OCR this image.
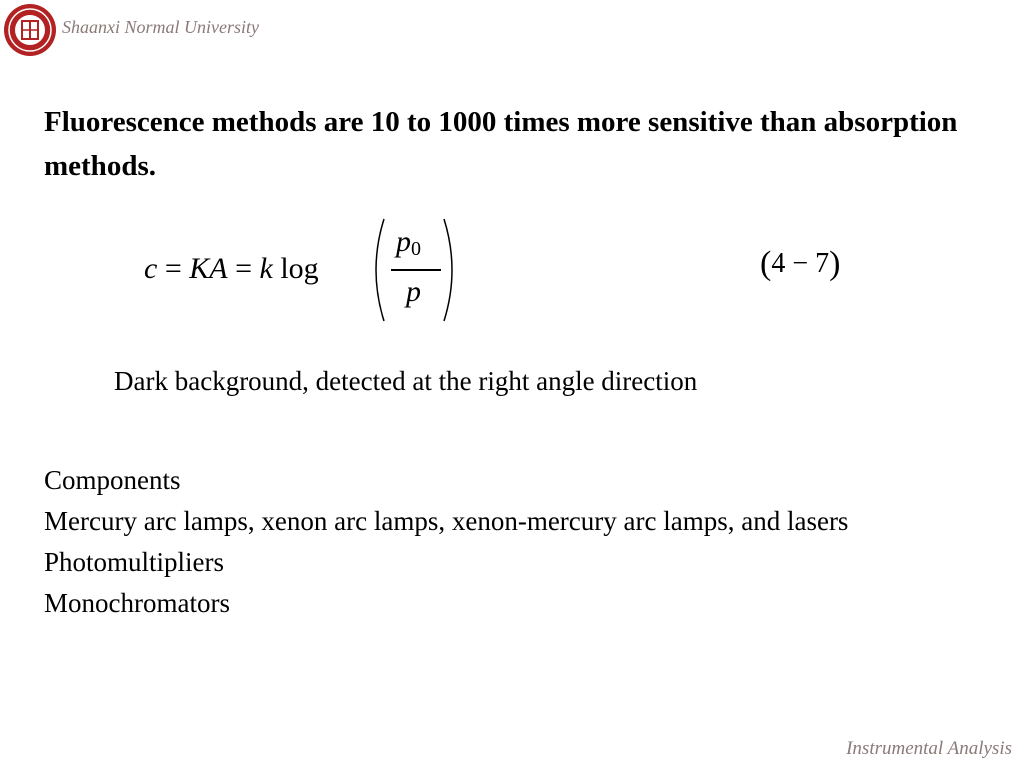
Shaanxi Normal University
Fluorescence methods are 10 to 1000 times more sensitive than absorption methods.
c = KA = k log
$p_0$
p
(4 − 7)
Dark background, detected at the right angle direction

Components

Mercury arc lamps, xenon arc lamps, xenon-mercury arc lamps, and lasers

Photomultipliers

Monochromators

Instrumental Analysis
